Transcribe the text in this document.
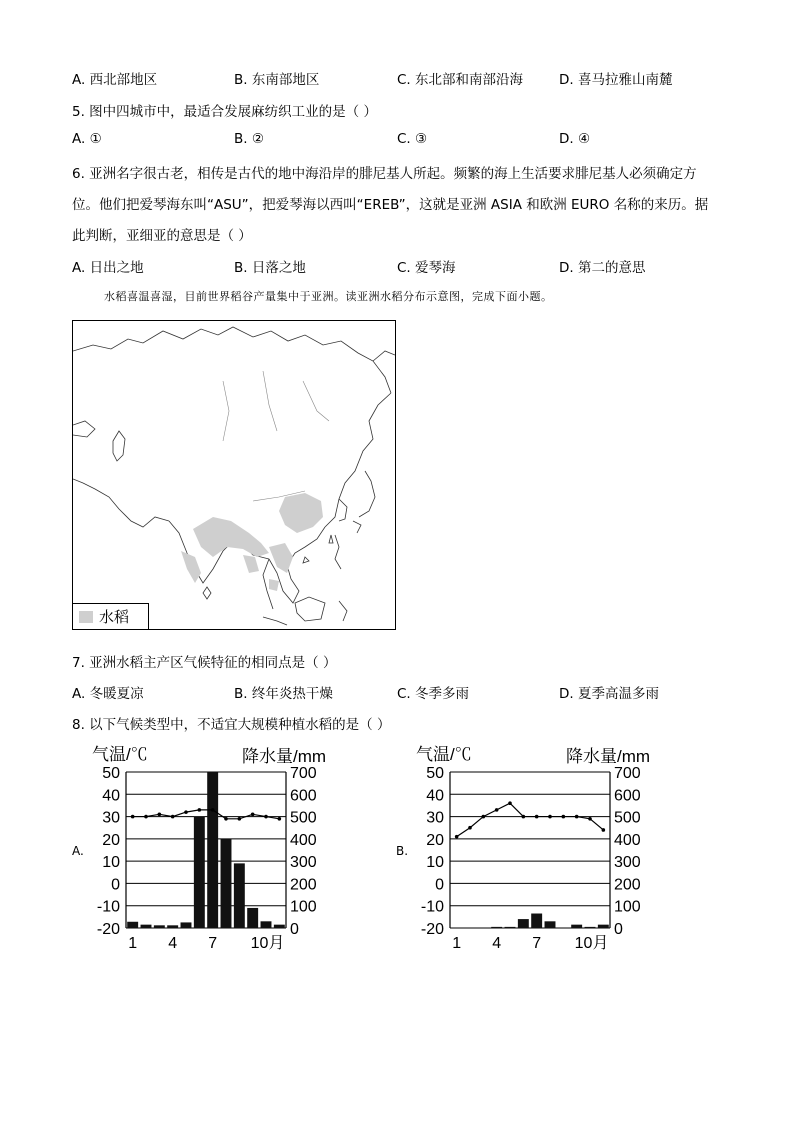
A. 西北部地区	B. 东南部地区	C. 东北部和南部沿海	D. 喜马拉雅山南麓
5. 图中四城市中，最适合发展麻纺织工业的是（ ）
A. ①	B. ②	C. ③	D. ④
6. 亚洲名字很古老，相传是古代的地中海沿岸的腓尼基人所起。频繁的海上生活要求腓尼基人必须确定方
位。他们把爱琴海东叫“ASU”，把爱琴海以西叫“EREB”，这就是亚洲 ASIA 和欧洲 EURO 名称的来历。据
此判断，亚细亚的意思是（ ）
A. 日出之地	B. 日落之地	C. 爱琴海	D. 第二的意思
水稻喜温喜湿，目前世界稻谷产量集中于亚洲。读亚洲水稻分布示意图，完成下面小题。
水稻
7. 亚洲水稻主产区气候特征的相同点是（ ）
A. 冬暖夏凉	B. 终年炎热干燥	C. 冬季多雨	D. 夏季高温多雨
8. 以下气候类型中，不适宜大规模种植水稻的是（ ）
A.	B.
气温/℃	降水量/mm
50	700
40	600
30	500
20	400
10	300
0	200
-10	100
-20	0
1 4 7 10月
气温/℃	降水量/mm
50	700
40	600
30	500
20	400
10	300
0	200
-10	100
-20	0
1 4 7 10月
